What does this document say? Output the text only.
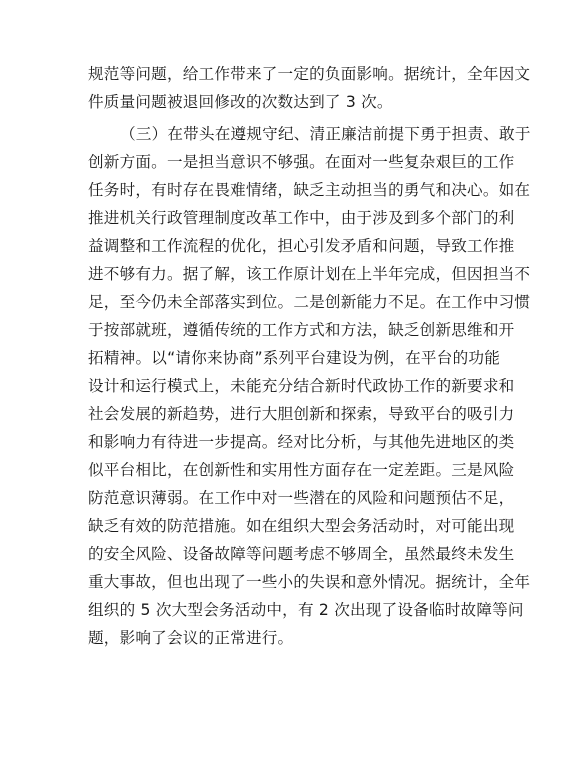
规范等问题，给工作带来了一定的负面影响。据统计，全年因文
件质量问题被退回修改的次数达到了 3 次。
（三）在带头在遵规守纪、清正廉洁前提下勇于担责、敢于
创新方面。一是担当意识不够强。在面对一些复杂艰巨的工作
任务时，有时存在畏难情绪，缺乏主动担当的勇气和决心。如在
推进机关行政管理制度改革工作中，由于涉及到多个部门的利
益调整和工作流程的优化，担心引发矛盾和问题，导致工作推
进不够有力。据了解，该工作原计划在上半年完成，但因担当不
足，至今仍未全部落实到位。二是创新能力不足。在工作中习惯
于按部就班，遵循传统的工作方式和方法，缺乏创新思维和开
拓精神。以“请你来协商”系列平台建设为例，在平台的功能
设计和运行模式上，未能充分结合新时代政协工作的新要求和
社会发展的新趋势，进行大胆创新和探索，导致平台的吸引力
和影响力有待进一步提高。经对比分析，与其他先进地区的类
似平台相比，在创新性和实用性方面存在一定差距。三是风险
防范意识薄弱。在工作中对一些潜在的风险和问题预估不足，
缺乏有效的防范措施。如在组织大型会务活动时，对可能出现
的安全风险、设备故障等问题考虑不够周全，虽然最终未发生
重大事故，但也出现了一些小的失误和意外情况。据统计，全年
组织的 5 次大型会务活动中，有 2 次出现了设备临时故障等问
题，影响了会议的正常进行。
